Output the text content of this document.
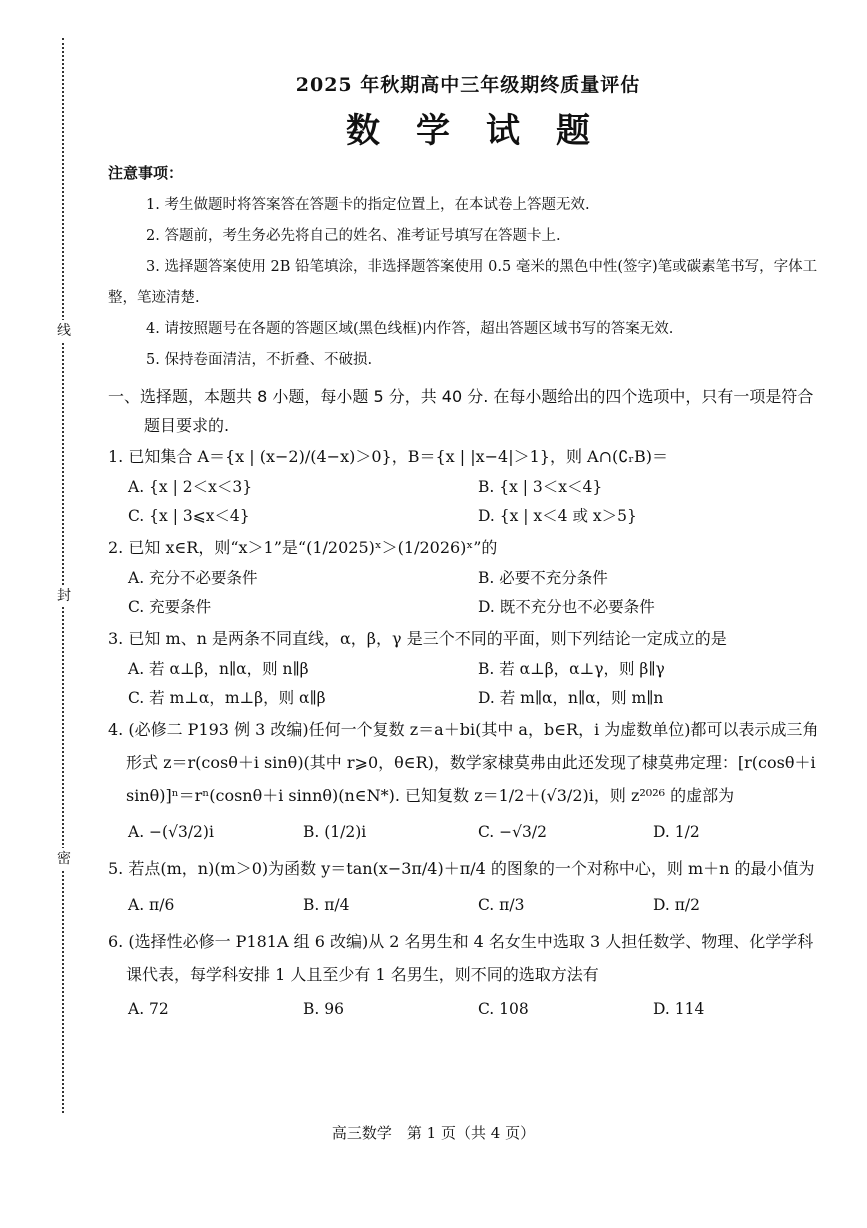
线
封
密
2025 年秋期高中三年级期终质量评估
数学试题
注意事项：

1. 考生做题时将答案答在答题卡的指定位置上，在本试卷上答题无效.

2. 答题前，考生务必先将自己的姓名、准考证号填写在答题卡上.

3. 选择题答案使用 2B 铅笔填涂，非选择题答案使用 0.5 毫米的黑色中性(签字)笔或碳素笔书写，字体工整，笔迹清楚.

4. 请按照题号在各题的答题区域(黑色线框)内作答，超出答题区域书写的答案无效.

5. 保持卷面清洁，不折叠、不破损.

一、选择题，本题共 8 小题，每小题 5 分，共 40 分. 在每小题给出的四个选项中，只有一项是符合题目要求的.

1. 已知集合 A＝{x | (x−2)/(4−x)＞0}，B＝{x | |x−4|＞1}，则 A∩(∁ᵣB)＝

A. {x | 2＜x＜3}	B. {x | 3＜x＜4}
C. {x | 3⩽x＜4}	D. {x | x＜4 或 x＞5}

2. 已知 x∈R，则“x＞1”是“(1/2025)ˣ＞(1/2026)ˣ”的

A. 充分不必要条件	B. 必要不充分条件
C. 充要条件	D. 既不充分也不必要条件

3. 已知 m、n 是两条不同直线，α，β，γ 是三个不同的平面，则下列结论一定成立的是

A. 若 α⊥β，n∥α，则 n∥β	B. 若 α⊥β，α⊥γ，则 β∥γ
C. 若 m⊥α，m⊥β，则 α∥β	D. 若 m∥α，n∥α，则 m∥n

4. (必修二 P193 例 3 改编)任何一个复数 z＝a＋bi(其中 a，b∈R，i 为虚数单位)都可以表示成三角形式 z＝r(cosθ＋i sinθ)(其中 r⩾0，θ∈R)，数学家棣莫弗由此还发现了棣莫弗定理：[r(cosθ＋i sinθ)]ⁿ＝rⁿ(cosnθ＋i sinnθ)(n∈N*). 已知复数 z＝1/2＋(√3/2)i，则 z²⁰²⁶ 的虚部为

A. −(√3/2)i	B. (1/2)i	C. −√3/2	D. 1/2

5. 若点(m，n)(m＞0)为函数 y＝tan(x−3π/4)＋π/4 的图象的一个对称中心，则 m＋n 的最小值为

A. π/6	B. π/4	C. π/3	D. π/2

6. (选择性必修一 P181A 组 6 改编)从 2 名男生和 4 名女生中选取 3 人担任数学、物理、化学学科课代表，每学科安排 1 人且至少有 1 名男生，则不同的选取方法有

A. 72	B. 96	C. 108	D. 114
高三数学　第 1 页（共 4 页）
